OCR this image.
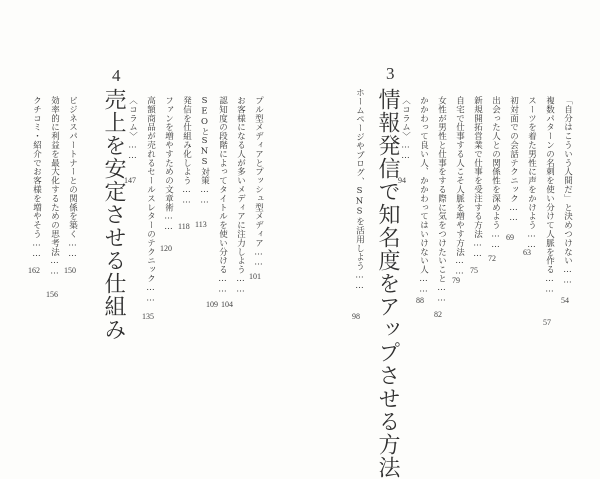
「自分はこういう人間だ」と決めつけない……
54
複数パターンの名刺を使い分けて人脈を作る……
57
スーツを着た男性に声をかけよう……
63
初対面での会話テクニック……
69
出会った人との関係性を深めよう……
72
新規開拓営業で仕事を受注する方法……
75
自宅で仕事する人こそ人脈を増やす方法……
79
女性が男性と仕事をする際に気をつけたいこと……
82
かかわって良い人、かかわってはいけない人……
88
〈コラム〉……
94
3
情報発信で知名度をアップさせる方法
ホームページやブログ、SNSを活用しよう……
98
プル型メディアとプッシュ型メディア……
101
お客様になる人が多いメディアに注力しよう……
104
認知度の段階によってタイトルを使い分ける……
109
SEOとSNS対策……
113
発信を仕組み化しよう……
118
ファンを増やすための文章術……
120
高額商品が売れるセールスレターのテクニック……
135
〈コラム〉……
147
4
売上を安定させる仕組み
ビジネスパートナーとの関係を築く……
150
効率的に利益を最大化するための思考法……
156
クチコミ・紹介でお客様を増やそう……
162
